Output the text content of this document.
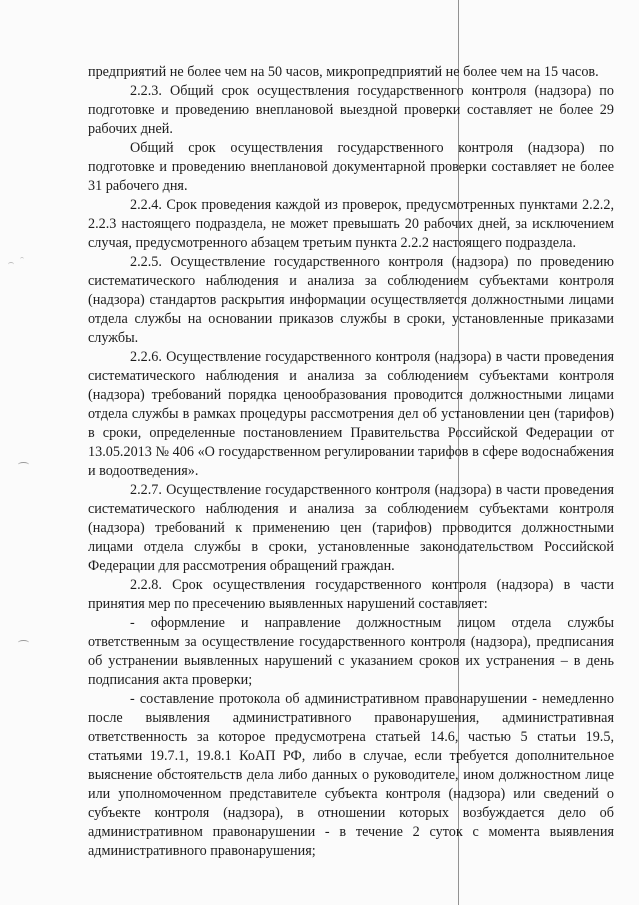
предприятий не более чем на 50 часов, микропредприятий не более чем на 15 часов.

2.2.3. Общий срок осуществления государственного контроля (надзора) по подготовке и проведению внеплановой выездной проверки составляет не более 29 рабочих дней.

Общий срок осуществления государственного контроля (надзора) по подготовке и проведению внеплановой документарной проверки составляет не более 31 рабочего дня.

2.2.4. Срок проведения каждой из проверок, предусмотренных пунктами 2.2.2, 2.2.3 настоящего подраздела, не может превышать 20 рабочих дней, за исключением случая, предусмотренного абзацем третьим пункта 2.2.2 настоящего подраздела.

2.2.5. Осуществление государственного контроля (надзора) по проведению систематического наблюдения и анализа за соблюдением субъектами контроля (надзора) стандартов раскрытия информации осуществляется должностными лицами отдела службы на основании приказов службы в сроки, установленные приказами службы.

2.2.6. Осуществление государственного контроля (надзора) в части проведения систематического наблюдения и анализа за соблюдением субъектами контроля (надзора) требований порядка ценообразования проводится должностными лицами отдела службы в рамках процедуры рассмотрения дел об установлении цен (тарифов) в сроки, определенные постановлением Правительства Российской Федерации от 13.05.2013 № 406 «О государственном регулировании тарифов в сфере водоснабжения и водоотведения».

2.2.7. Осуществление государственного контроля (надзора) в части проведения систематического наблюдения и анализа за соблюдением субъектами контроля (надзора) требований к применению цен (тарифов) проводится должностными лицами отдела службы в сроки, установленные законодательством Российской Федерации для рассмотрения обращений граждан.

2.2.8. Срок осуществления государственного контроля (надзора) в части принятия мер по пресечению выявленных нарушений составляет:

- оформление и направление должностным лицом отдела службы ответственным за осуществление государственного контроля (надзора), предписания об устранении выявленных нарушений с указанием сроков их устранения – в день подписания акта проверки;

- составление протокола об административном правонарушении - немедленно после выявления административного правонарушения, административная ответственность за которое предусмотрена статьей 14.6, частью 5 статьи 19.5, статьями 19.7.1, 19.8.1 КоАП РФ, либо в случае, если требуется дополнительное выяснение обстоятельств дела либо данных о руководителе, ином должностном лице или уполномоченном представителе субъекта контроля (надзора) или сведений о субъекте контроля (надзора), в отношении которых возбуждается дело об административном правонарушении - в течение 2 суток с момента выявления административного правонарушения;
